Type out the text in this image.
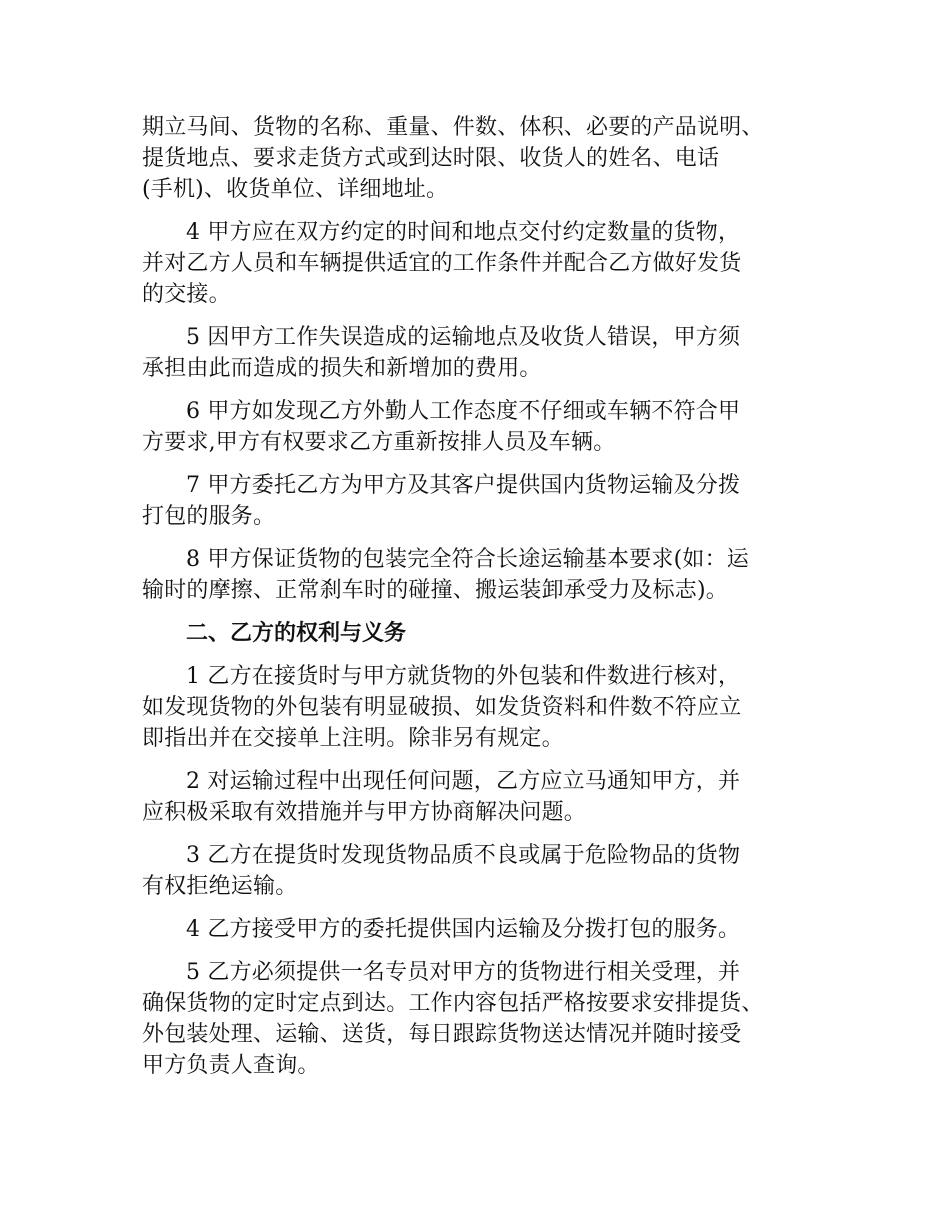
期立马间、货物的名称、重量、件数、体积、必要的产品说明、
提货地点、要求走货方式或到达时限、收货人的姓名、电话
(手机)、收货单位、详细地址。

4 甲方应在双方约定的时间和地点交付约定数量的货物，
并对乙方人员和车辆提供适宜的工作条件并配合乙方做好发货
的交接。

5 因甲方工作失误造成的运输地点及收货人错误，甲方须
承担由此而造成的损失和新增加的费用。

6 甲方如发现乙方外勤人工作态度不仔细或车辆不符合甲
方要求,甲方有权要求乙方重新按排人员及车辆。

7 甲方委托乙方为甲方及其客户提供国内货物运输及分拨
打包的服务。

8 甲方保证货物的包装完全符合长途运输基本要求(如：运
输时的摩擦、正常刹车时的碰撞、搬运装卸承受力及标志)。

二、乙方的权利与义务

1 乙方在接货时与甲方就货物的外包装和件数进行核对，
如发现货物的外包装有明显破损、如发货资料和件数不符应立
即指出并在交接单上注明。除非另有规定。

2 对运输过程中出现任何问题，乙方应立马通知甲方，并
应积极采取有效措施并与甲方协商解决问题。

3 乙方在提货时发现货物品质不良或属于危险物品的货物
有权拒绝运输。

4 乙方接受甲方的委托提供国内运输及分拨打包的服务。

5 乙方必须提供一名专员对甲方的货物进行相关受理，并
确保货物的定时定点到达。工作内容包括严格按要求安排提货、
外包装处理、运输、送货，每日跟踪货物送达情况并随时接受
甲方负责人查询。
